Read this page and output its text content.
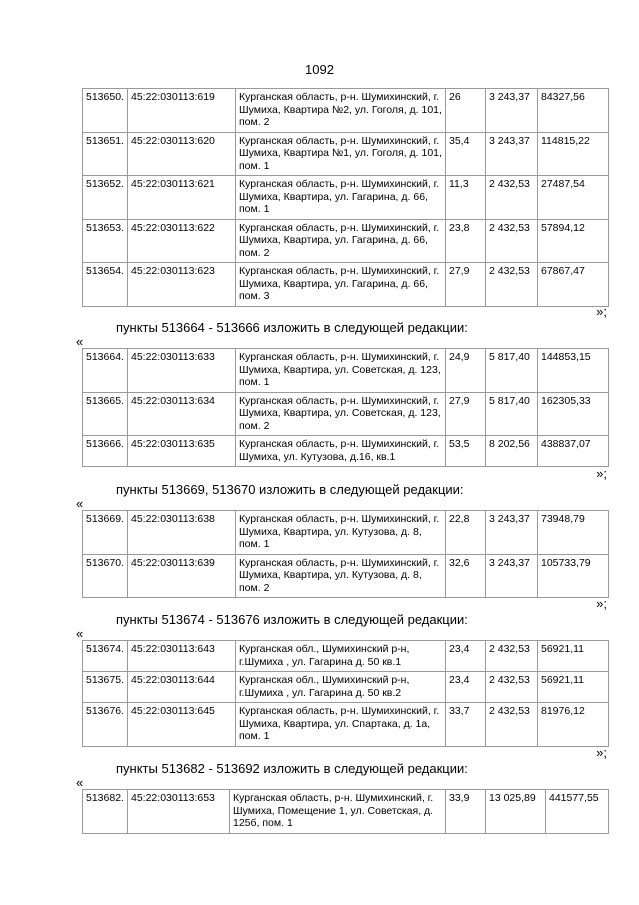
1092
513650.	45:22:030113:619	Курганская область, р-н. Шумихинский, г. Шумиха, Квартира №2, ул. Гоголя, д. 101, пом. 2	26	3 243,37	84327,56
513651.	45:22:030113:620	Курганская область, р-н. Шумихинский, г. Шумиха, Квартира №1, ул. Гоголя, д. 101, пом. 1	35,4	3 243,37	114815,22
513652.	45:22:030113:621	Курганская область, р-н. Шумихинский, г. Шумиха, Квартира, ул. Гагарина, д. 66, пом. 1	11,3	2 432,53	27487,54
513653.	45:22:030113:622	Курганская область, р-н. Шумихинский, г. Шумиха, Квартира, ул. Гагарина, д. 66, пом. 2	23,8	2 432,53	57894,12
513654.	45:22:030113:623	Курганская область, р-н. Шумихинский, г. Шумиха, Квартира, ул. Гагарина, д. 66, пом. 3	27,9	2 432,53	67867,47
»;
пункты 513664 - 513666 изложить в следующей редакции:
«
513664.	45:22:030113:633	Курганская область, р-н. Шумихинский, г. Шумиха, Квартира, ул. Советская, д. 123, пом. 1	24,9	5 817,40	144853,15
513665.	45:22:030113:634	Курганская область, р-н. Шумихинский, г. Шумиха, Квартира, ул. Советская, д. 123, пом. 2	27,9	5 817,40	162305,33
513666.	45:22:030113:635	Курганская область, р-н. Шумихинский, г. Шумиха, ул. Кутузова, д.16, кв.1	53,5	8 202,56	438837,07
»;
пункты 513669, 513670 изложить в следующей редакции:
«
513669.	45:22:030113:638	Курганская область, р-н. Шумихинский, г. Шумиха, Квартира, ул. Кутузова, д. 8, пом. 1	22,8	3 243,37	73948,79
513670.	45:22:030113:639	Курганская область, р-н. Шумихинский, г. Шумиха, Квартира, ул. Кутузова, д. 8, пом. 2	32,6	3 243,37	105733,79
»;
пункты 513674 - 513676 изложить в следующей редакции:
«
513674.	45:22:030113:643	Курганская обл., Шумихинский р-н, г.Шумиха , ул. Гагарина д. 50 кв.1	23,4	2 432,53	56921,11
513675.	45:22:030113:644	Курганская обл., Шумихинский р-н, г.Шумиха , ул. Гагарина д. 50 кв.2	23,4	2 432,53	56921,11
513676.	45:22:030113:645	Курганская область, р-н. Шумихинский, г. Шумиха, Квартира, ул. Спартака, д. 1а, пом. 1	33,7	2 432,53	81976,12
»;
пункты 513682 - 513692 изложить в следующей редакции:
«
513682.	45:22:030113:653	Курганская область, р-н. Шумихинский, г. Шумиха, Помещение 1, ул. Советская, д. 125б, пом. 1	33,9	13 025,89	441577,55
